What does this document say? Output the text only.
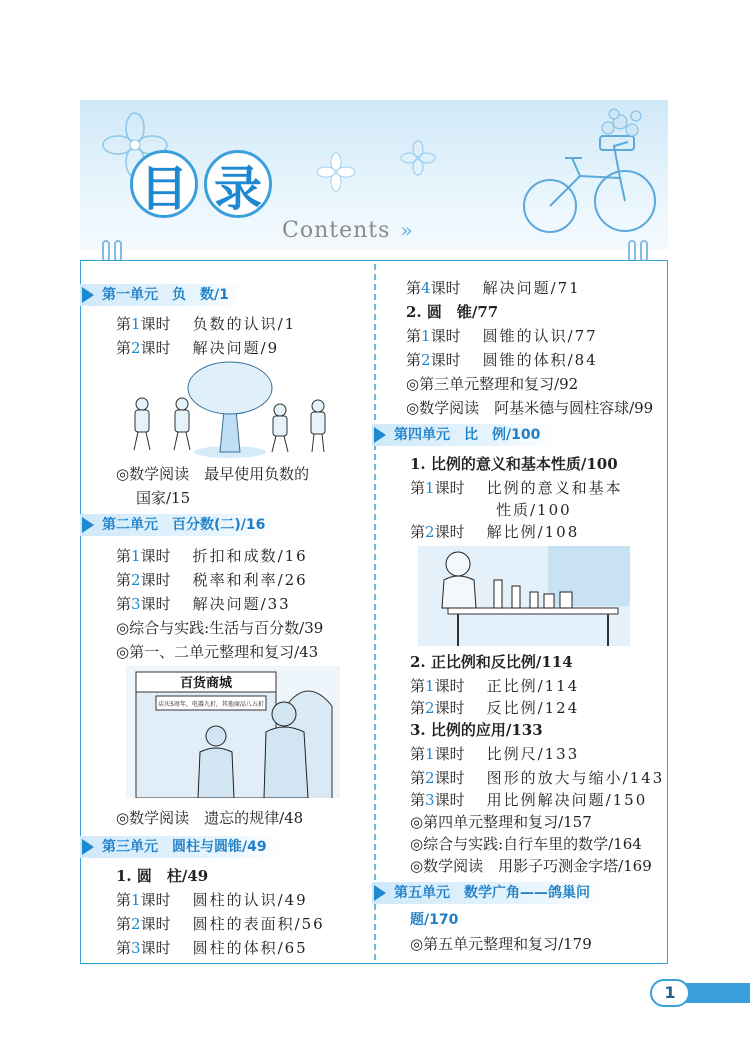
目 录
Contents »
第一单元　负　数/1
第1课时 负数的认识/1
第2课时 解决问题/9
◎数学阅读　最早使用负数的
国家/15
第二单元　百分数(二)/16
第1课时 折扣和成数/16
第2课时 税率和利率/26
第3课时 解决问题/33
◎综合与实践:生活与百分数/39
◎第一、二单元整理和复习/43
百货商城
店庆5周年，电器九折，其他商品八五折
◎数学阅读　遗忘的规律/48
第三单元　圆柱与圆锥/49
1. 圆　柱/49
第1课时 圆柱的认识/49
第2课时 圆柱的表面积/56
第3课时 圆柱的体积/65
第4课时 解决问题/71
2. 圆　锥/77
第1课时 圆锥的认识/77
第2课时 圆锥的体积/84
◎第三单元整理和复习/92
◎数学阅读　阿基米德与圆柱容球/99
第四单元　比　例/100
1. 比例的意义和基本性质/100
第1课时 比例的意义和基本
性质/100
第2课时 解比例/108
2. 正比例和反比例/114
第1课时 正比例/114
第2课时 反比例/124
3. 比例的应用/133
第1课时 比例尺/133
第2课时 图形的放大与缩小/143
第3课时 用比例解决问题/150
◎第四单元整理和复习/157
◎综合与实践:自行车里的数学/164
◎数学阅读　用影子巧测金字塔/169
第五单元　数学广角——鸽巢问
题/170
◎第五单元整理和复习/179
1
